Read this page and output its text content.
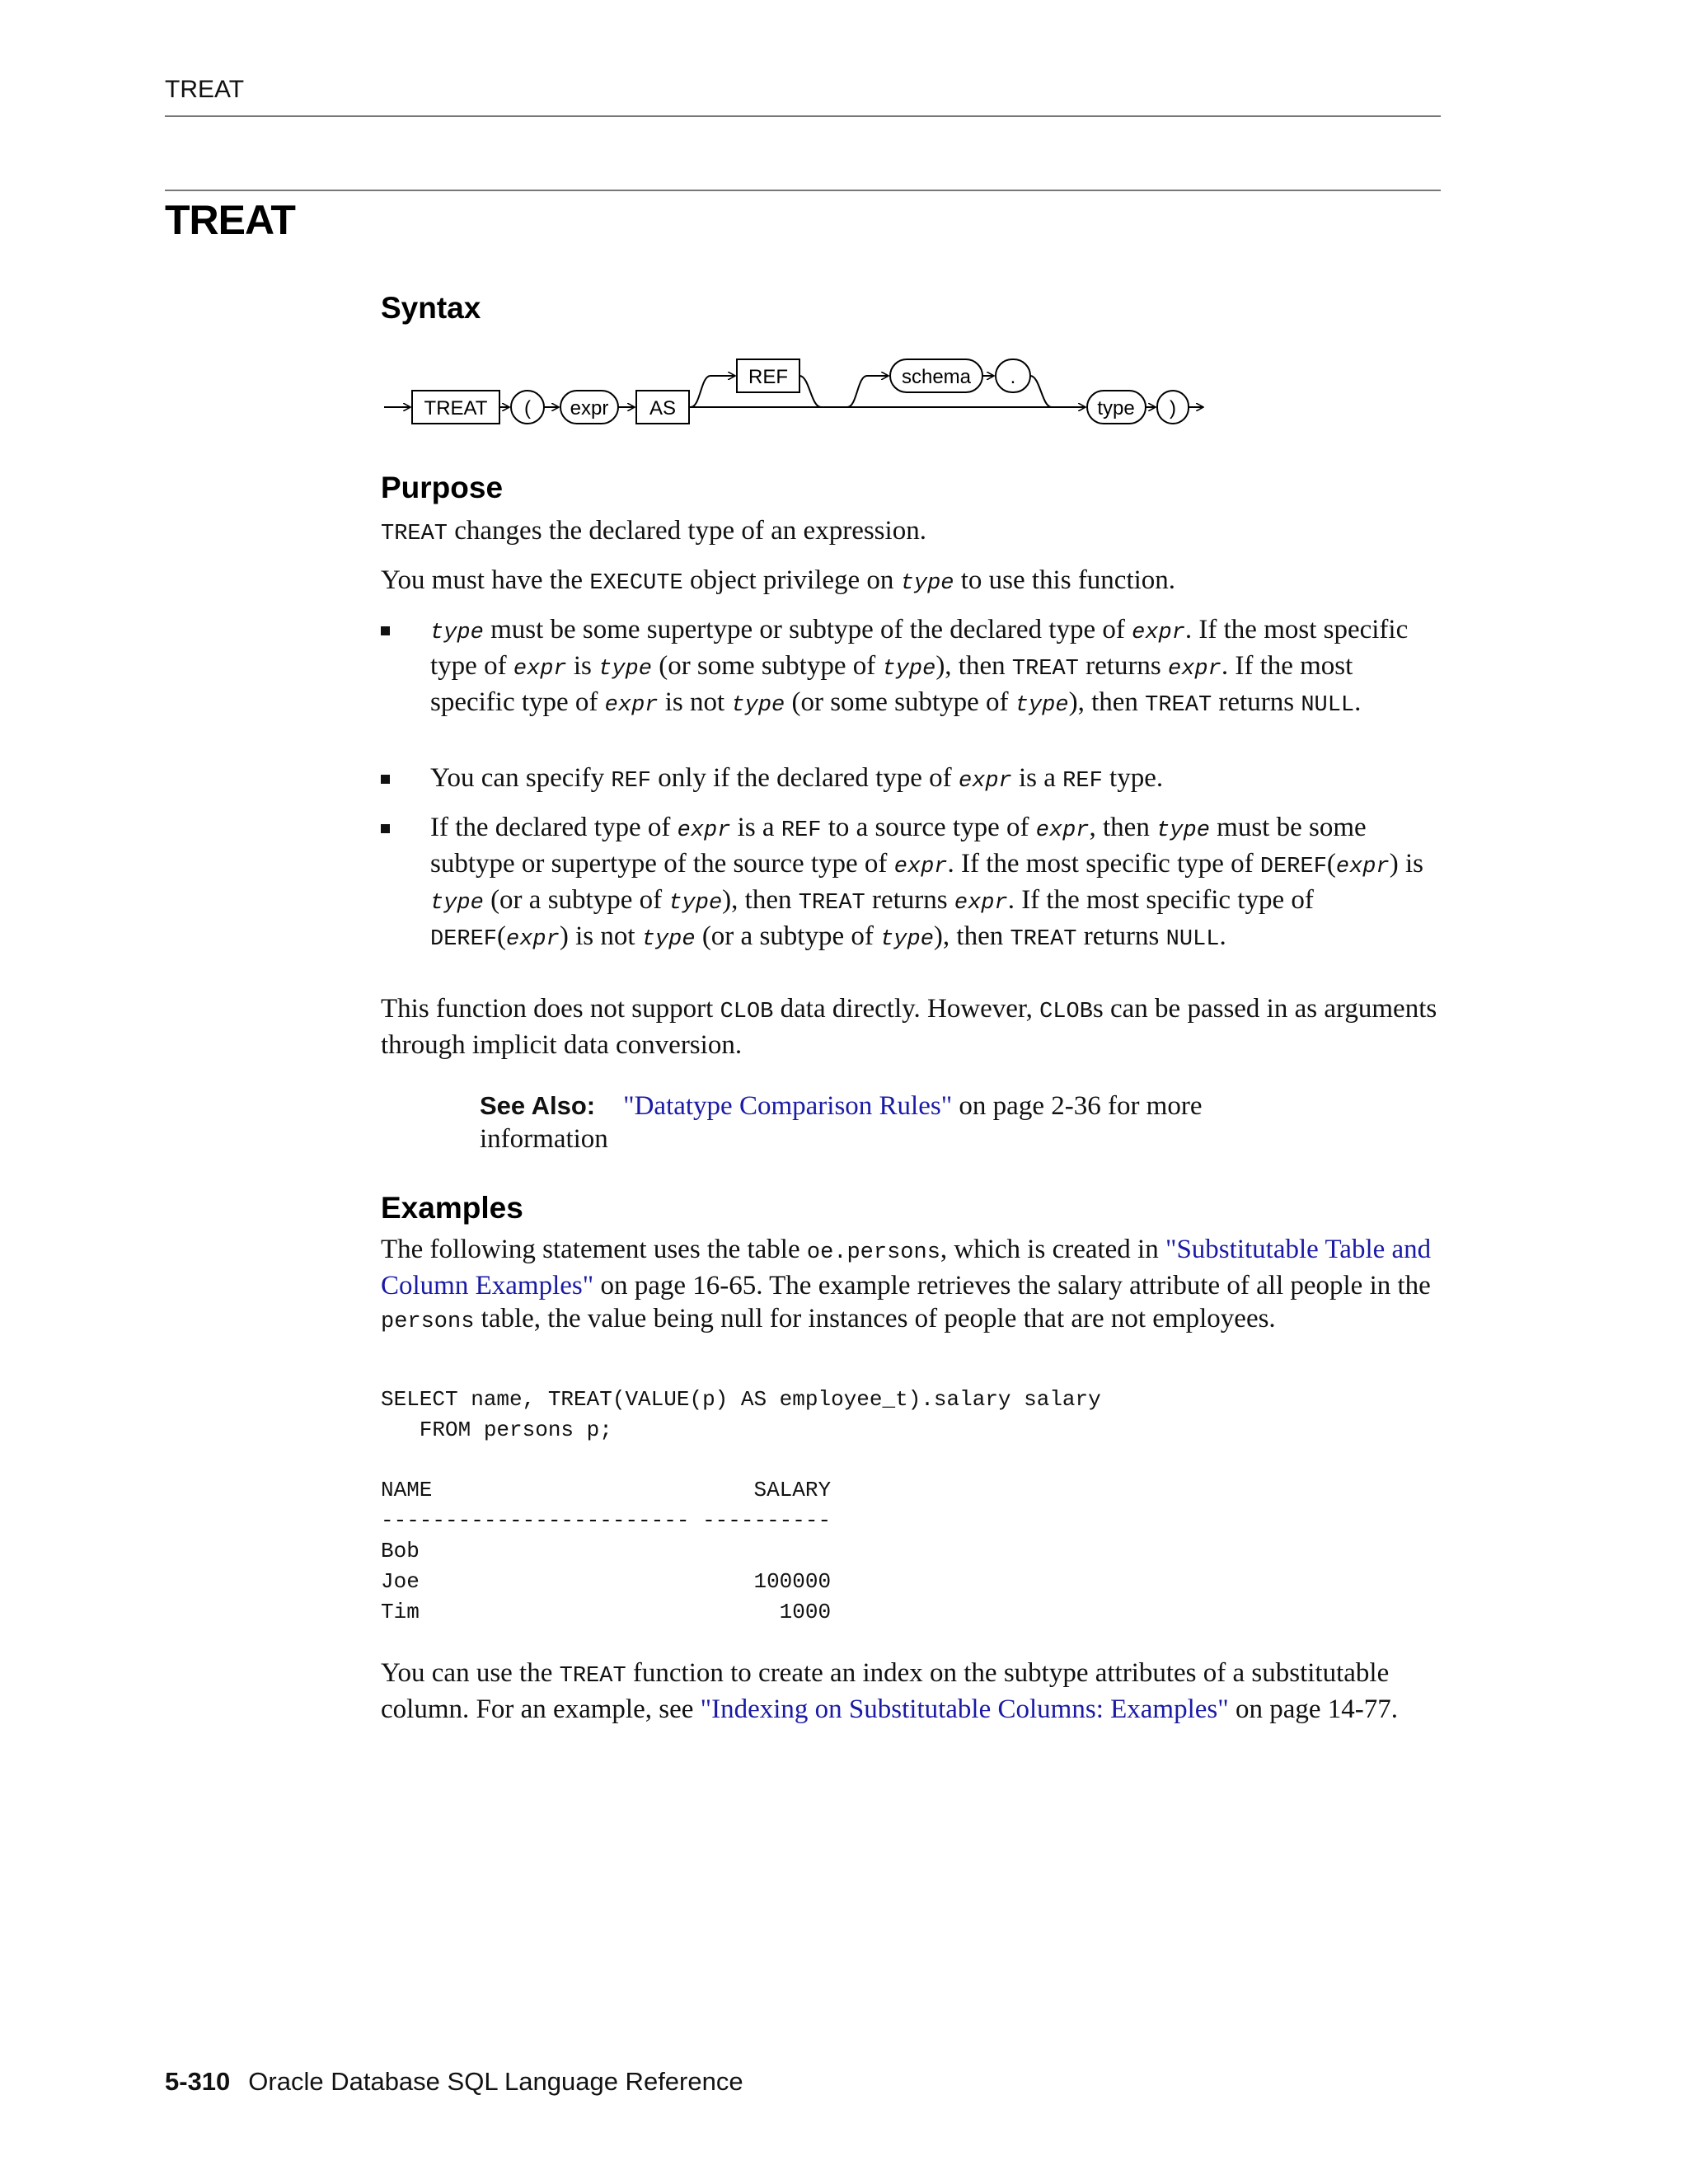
TREAT
TREAT
Syntax
TREAT ( expr AS
REF	schema .
type )
Purpose

TREAT changes the declared type of an expression.

You must have the EXECUTE object privilege on type to use this function.

type must be some supertype or subtype of the declared type of expr. If the most specific type of expr is type (or some subtype of type), then TREAT returns expr. If the most specific type of expr is not type (or some subtype of type), then TREAT returns NULL.
You can specify REF only if the declared type of expr is a REF type.
If the declared type of expr is a REF to a source type of expr, then type must be some subtype or supertype of the source type of expr. If the most specific type of DEREF(expr) is type (or a subtype of type), then TREAT returns expr. If the most specific type of DEREF(expr) is not type (or a subtype of type), then TREAT returns NULL.

This function does not support CLOB data directly. However, CLOBs can be passed in as arguments through implicit data conversion.

See Also: "Datatype Comparison Rules" on page 2-36 for more information
Examples

The following statement uses the table oe.persons, which is created in "Substitutable Table and Column Examples" on page 16-65. The example retrieves the salary attribute of all people in the persons table, the value being null for instances of people that are not employees.

SELECT name, TREAT(VALUE(p) AS employee_t).salary salary
FROM persons p;
NAME                         SALARY
------------------------ ----------
Bob
Joe                          100000
Tim                            1000

You can use the TREAT function to create an index on the subtype attributes of a substitutable column. For an example, see "Indexing on Substitutable Columns: Examples" on page 14-77.

5-310 Oracle Database SQL Language Reference
